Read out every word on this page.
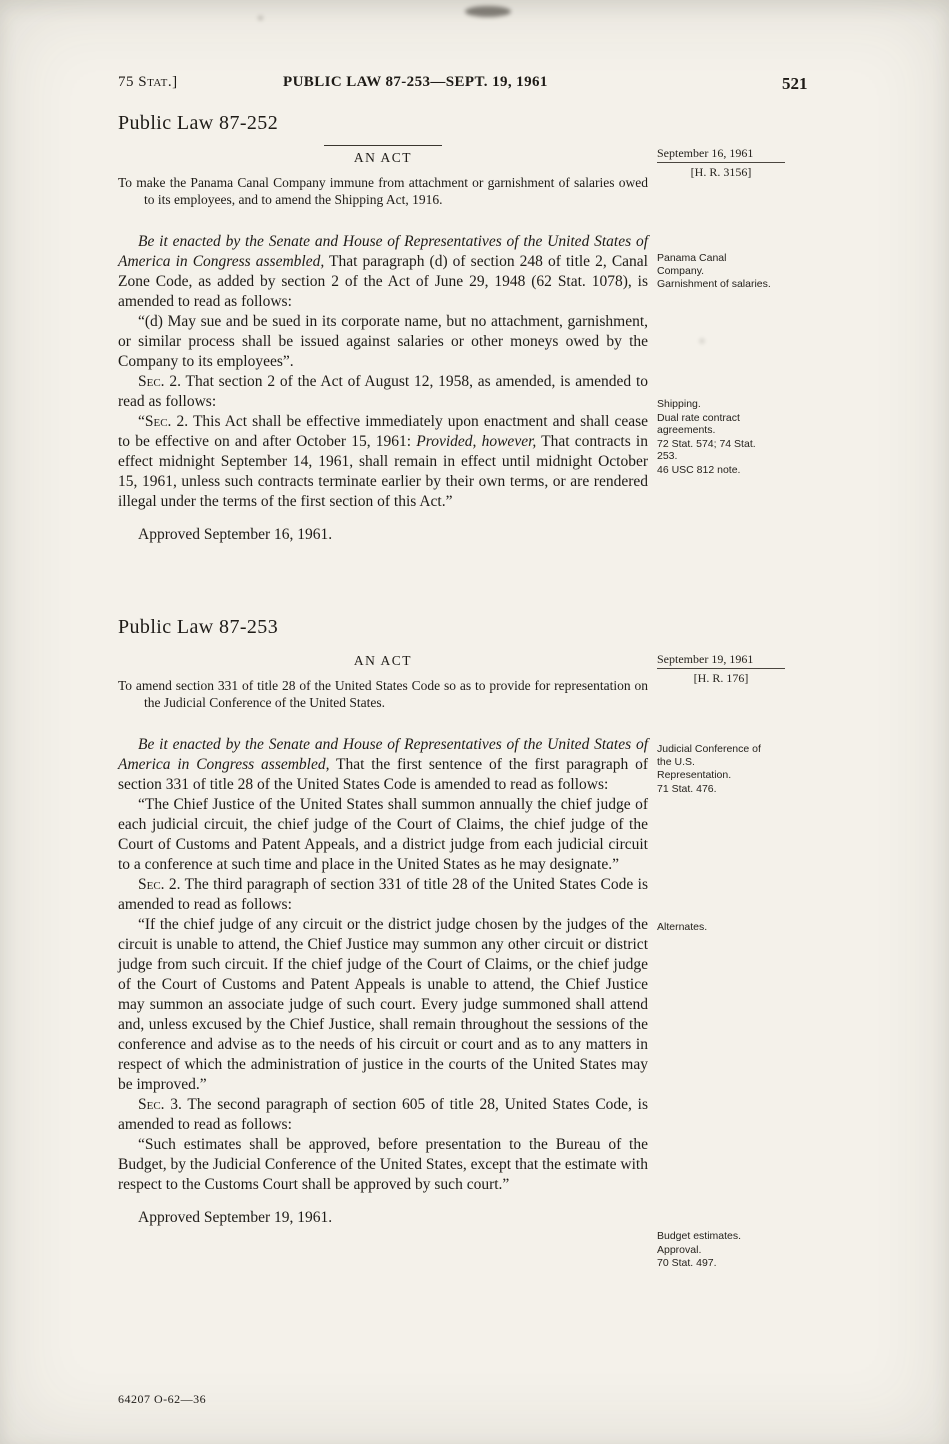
75 Stat.]	PUBLIC LAW 87-253—SEPT. 19, 1961	521
Public Law 87-252
AN ACT

To make the Panama Canal Company immune from attachment or garnishment of salaries owed to its employees, and to amend the Shipping Act, 1916.

Be it enacted by the Senate and House of Representatives of the United States of America in Congress assembled, That paragraph (d) of section 248 of title 2, Canal Zone Code, as added by section 2 of the Act of June 29, 1948 (62 Stat. 1078), is amended to read as follows:

“(d) May sue and be sued in its corporate name, but no attachment, garnishment, or similar process shall be issued against salaries or other moneys owed by the Company to its employees”.

Sec. 2. That section 2 of the Act of August 12, 1958, as amended, is amended to read as follows:

“Sec. 2. This Act shall be effective immediately upon enactment and shall cease to be effective on and after October 15, 1961: Provided, however, That contracts in effect midnight September 14, 1961, shall remain in effect until midnight October 15, 1961, unless such contracts terminate earlier by their own terms, or are rendered illegal under the terms of the first section of this Act.”

Approved September 16, 1961.

Public Law 87-253
AN ACT

To amend section 331 of title 28 of the United States Code so as to provide for representation on the Judicial Conference of the United States.

Be it enacted by the Senate and House of Representatives of the United States of America in Congress assembled, That the first sentence of the first paragraph of section 331 of title 28 of the United States Code is amended to read as follows:

“The Chief Justice of the United States shall summon annually the chief judge of each judicial circuit, the chief judge of the Court of Claims, the chief judge of the Court of Customs and Patent Appeals, and a district judge from each judicial circuit to a conference at such time and place in the United States as he may designate.”

Sec. 2. The third paragraph of section 331 of title 28 of the United States Code is amended to read as follows:

“If the chief judge of any circuit or the district judge chosen by the judges of the circuit is unable to attend, the Chief Justice may summon any other circuit or district judge from such circuit. If the chief judge of the Court of Claims, or the chief judge of the Court of Customs and Patent Appeals is unable to attend, the Chief Justice may summon an associate judge of such court. Every judge summoned shall attend and, unless excused by the Chief Justice, shall remain throughout the sessions of the conference and advise as to the needs of his circuit or court and as to any matters in respect of which the administration of justice in the courts of the United States may be improved.”

Sec. 3. The second paragraph of section 605 of title 28, United States Code, is amended to read as follows:

“Such estimates shall be approved, before presentation to the Bureau of the Budget, by the Judicial Conference of the United States, except that the estimate with respect to the Customs Court shall be approved by such court.”

Approved September 19, 1961.

September 16, 1961
[H. R. 3156]
Panama Canal Company.
Garnishment of salaries.
Shipping.
Dual rate contract agreements.
72 Stat. 574; 74 Stat. 253.
46 USC 812 note.
September 19, 1961
[H. R. 176]
Judicial Conference of the U.S.
Representation.
71 Stat. 476.
Alternates.
Budget estimates.
Approval.
70 Stat. 497.
64207 O-62—36
